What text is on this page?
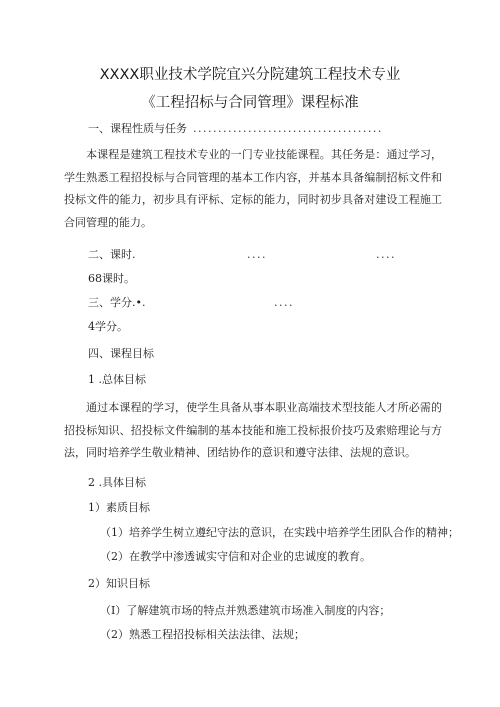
XXXX职业技术学院宜兴分院建筑工程技术专业
《工程招标与合同管理》课程标准
一、课程性质与任务 ......................................
本课程是建筑工程技术专业的一门专业技能课程。其任务是：通过学习，学生熟悉工程招投标与合同管理的基本工作内容，并基本具备编制招标文件和投标文件的能力，初步具有评标、定标的能力，同时初步具备对建设工程施工合同管理的能力。
二、课时.	....	....
68课时。
三、学分.•.	....
4学分。
四、课程目标
1 .总体目标
通过本课程的学习，使学生具备从事本职业高端技术型技能人才所必需的招投标知识、招投标文件编制的基本技能和施工投标报价技巧及索赔理论与方法，同时培养学生敬业精神、团结协作的意识和遵守法律、法规的意识。
2 .具体目标
1）素质目标
（1）培养学生树立遵纪守法的意识，在实践中培养学生团队合作的精神；
（2）在教学中渗透诚实守信和对企业的忠诚度的教育。
2）知识目标
（I）了解建筑市场的特点并熟悉建筑市场准入制度的内容；
（2）熟悉工程招投标相关法法律、法规；
